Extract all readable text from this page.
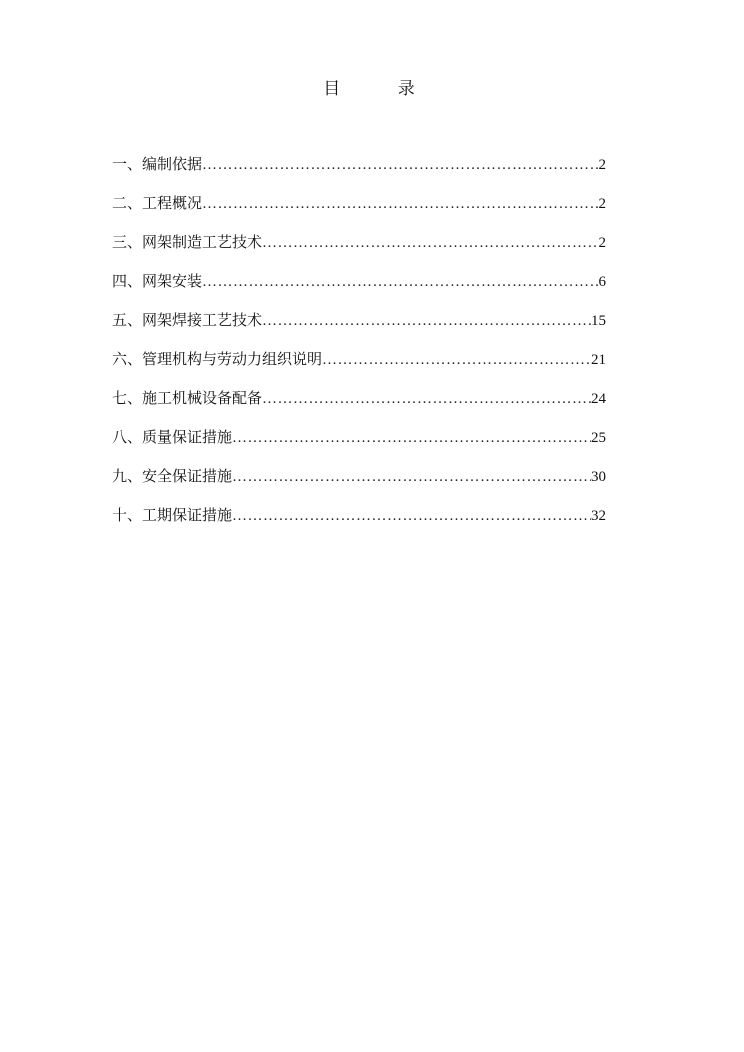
目 录
一、编制依据 ……………………………………………………………………………………………………………………………………………………………………………………………………	2
二、工程概况 ……………………………………………………………………………………………………………………………………………………………………………………………………	2
三、网架制造工艺技术 ……………………………………………………………………………………………………………………………………………………………………………………………………	2
四、网架安装 ……………………………………………………………………………………………………………………………………………………………………………………………………	6
五、网架焊接工艺技术 ……………………………………………………………………………………………………………………………………………………………………………………………………	15
六、管理机构与劳动力组织说明 ……………………………………………………………………………………………………………………………………………………………………………………………………	21
七、施工机械设备配备 ……………………………………………………………………………………………………………………………………………………………………………………………………	24
八、质量保证措施 ……………………………………………………………………………………………………………………………………………………………………………………………………	25
九、安全保证措施 ……………………………………………………………………………………………………………………………………………………………………………………………………	30
十、工期保证措施 ……………………………………………………………………………………………………………………………………………………………………………………………………	32
